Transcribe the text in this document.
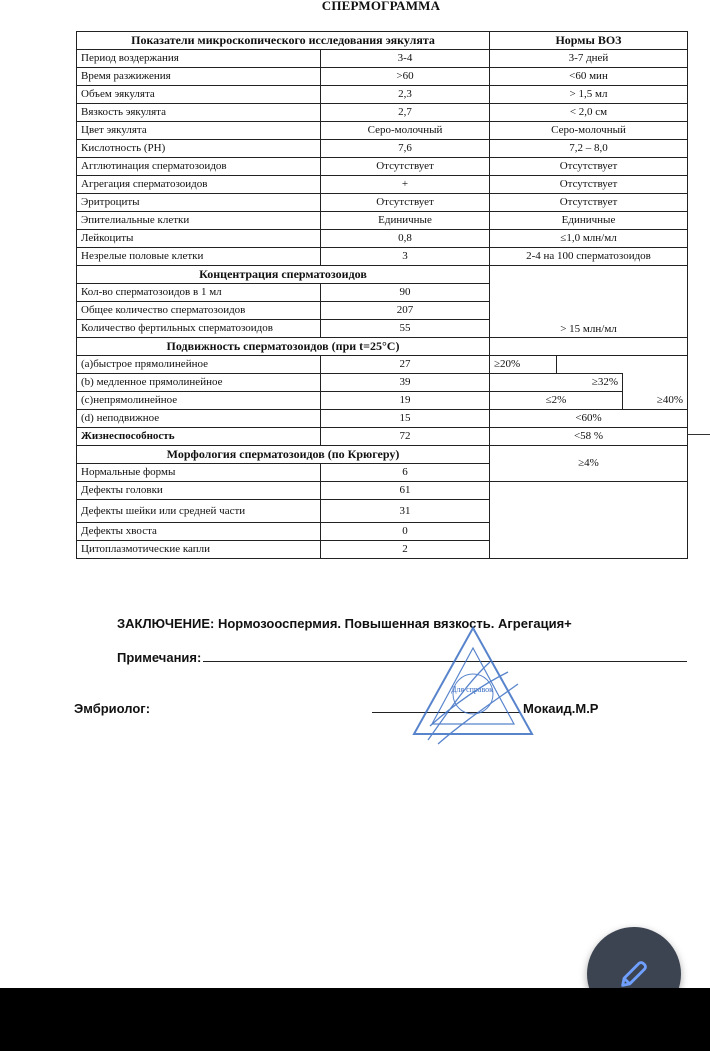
СПЕРМОГРАММА
Показатели микроскопического исследования эякулята		Нормы ВОЗ		
Период воздержания	3-4	3-7 дней		
Время разжижения	>60	<60 мин		
Объем эякулята	2,3	> 1,5 мл		
Вязкость эякулята	2,7	< 2,0 см		
Цвет эякулята	Серо-молочный	Серо-молочный		
Кислотность (РН)	7,6	7,2 – 8,0		
Агглютинация сперматозоидов	Отсутствует	Отсутствует		
Агрегация сперматозоидов	+	Отсутствует		
Эритроциты	Отсутствует	Отсутствует		
Эпителиальные клетки	Единичные	Единичные		
Лейкоциты	0,8	≤1,0 млн/мл		
Незрелые половые клетки	3	2-4 на 100 сперматозоидов		
Концентрация сперматозоидов		> 15 млн/мл		
Кол-во сперматозоидов в 1 мл	90			
Общее количество сперматозоидов	207			
Количество фертильных сперматозоидов	55			
Подвижность сперматозоидов (при t=25°С)				
(a)быстрое прямолинейное	27	≥20%		
(b) медленное прямолинейное	39	≥32%		
(c)непрямолинейное	19	≤2%		≥40%
(d) неподвижное	15	<60%		
Жизнеспособность	72	<58 %		
Морфология сперматозоидов (по Крюгеру)		≥4%		
Нормальные формы	6			
Дефекты головки	61			
Дефекты шейки или средней части	31			
Дефекты хвоста	0			
Цитоплазмотические капли	2			

ЗАКЛЮЧЕНИЕ: Нормозооспермия. Повышенная вязкость. Агрегация+

Примечания:

Эмбриолог:	Мокаид.М.Р

Для справок
